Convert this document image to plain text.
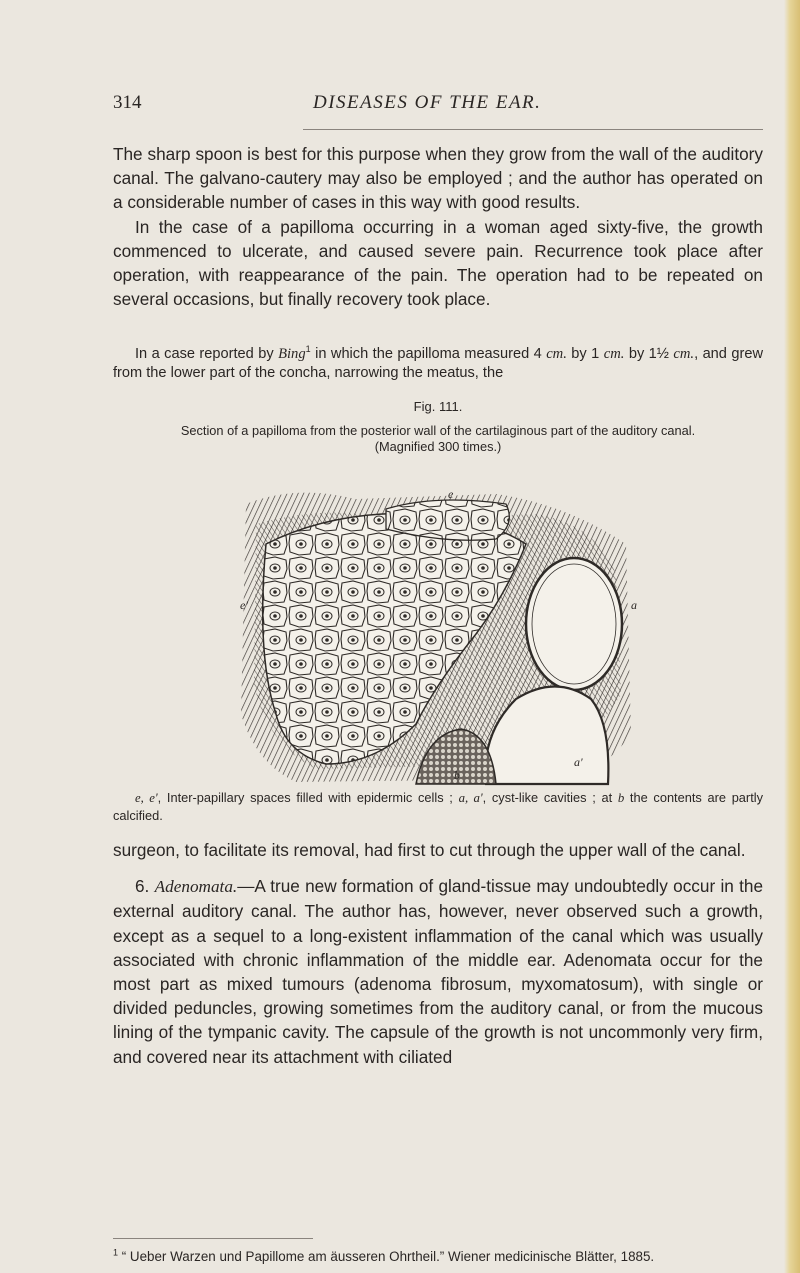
314	DISEASES OF THE EAR.

The sharp spoon is best for this purpose when they grow from the wall of the auditory canal. The galvano-cautery may also be employed ; and the author has operated on a considerable number of cases in this way with good results.

In the case of a papilloma occurring in a woman aged sixty-five, the growth commenced to ulcerate, and caused severe pain. Recurrence took place after operation, with reappearance of the pain. The operation had to be repeated on several occasions, but finally recovery took place.

In a case reported by Bing$^1$ in which the papilloma measured 4 cm. by 1 cm. by 1½ cm., and grew from the lower part of the concha, narrowing the meatus, the

Fig. 111.
Section of a papilloma from the posterior wall of the cartilaginous part of the auditory canal.
(Magnified 300 times.)
e
e'	a
a'
b

e, e', Inter-papillary spaces filled with epidermic cells ; a, a', cyst-like cavities ; at b the contents are partly calcified.

surgeon, to facilitate its removal, had first to cut through the upper wall of the canal.

6. Adenomata.—A true new formation of gland-tissue may undoubtedly occur in the external auditory canal. The author has, however, never observed such a growth, except as a sequel to a long-existent inflammation of the canal which was usually associated with chronic inflammation of the middle ear. Adenomata occur for the most part as mixed tumours (adenoma fibrosum, myxomatosum), with single or divided peduncles, growing sometimes from the auditory canal, or from the mucous lining of the tympanic cavity. The capsule of the growth is not uncommonly very firm, and covered near its attachment with ciliated

$^1$ “ Ueber Warzen und Papillome am äusseren Ohrtheil.” Wiener medicinische Blätter, 1885.
